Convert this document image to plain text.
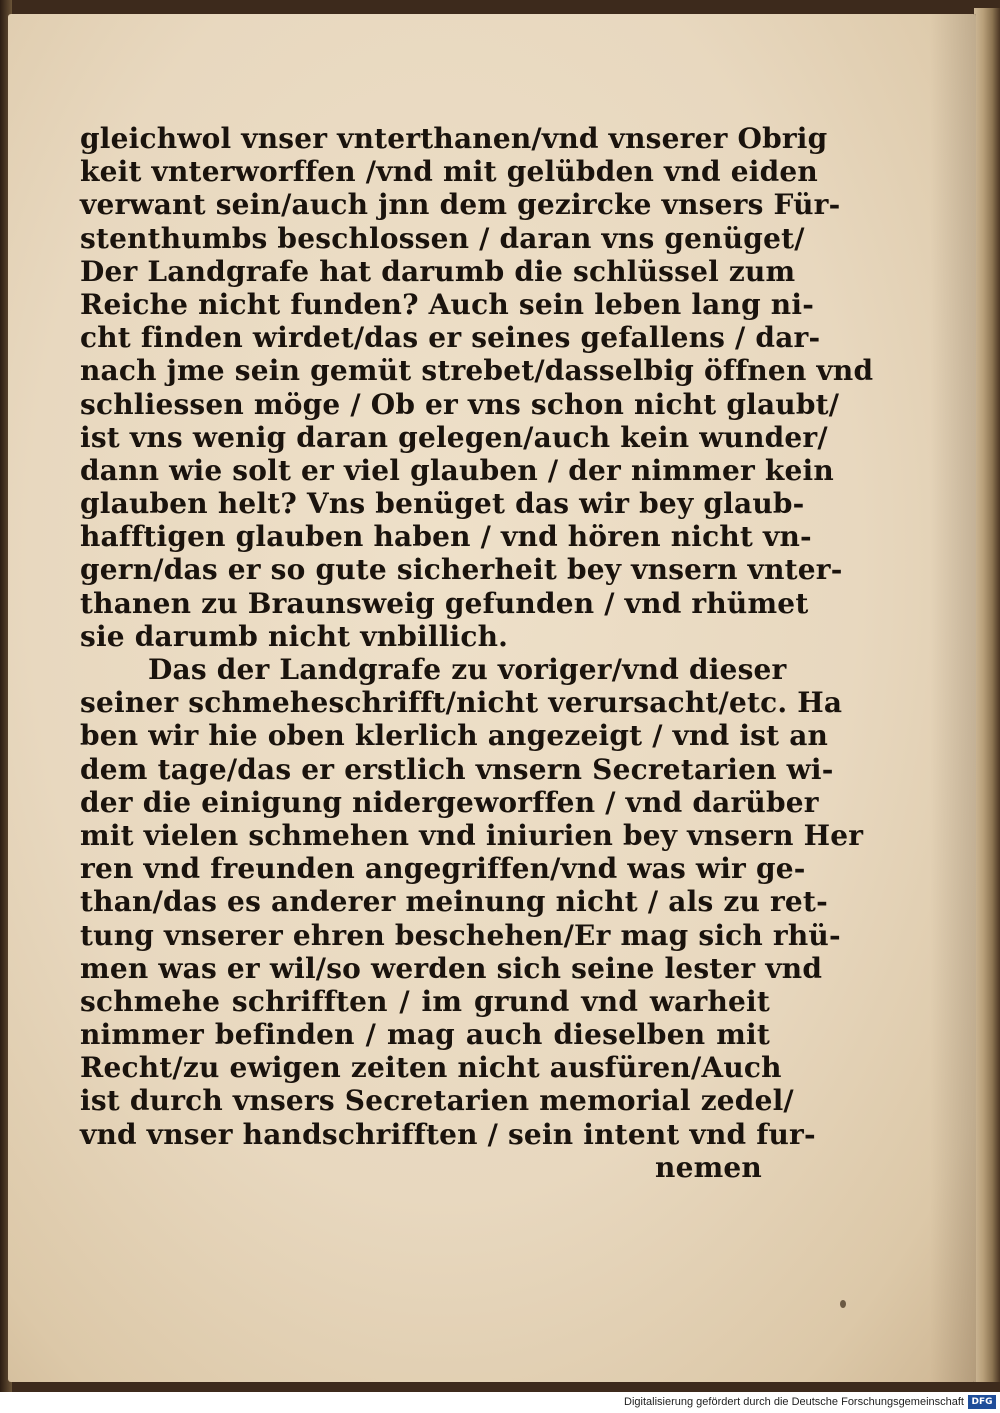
gleichwol vnser vnterthanen/vnd vnserer Obrig
keit vnterworffen /vnd mit gelübden vnd eiden
verwant sein/auch jnn dem gezircke vnsers Für-
stenthumbs beschlossen / daran vns genüget/
Der Landgrafe hat darumb die schlüssel zum
Reiche nicht funden? Auch sein leben lang ni-
cht finden wirdet/das er seines gefallens / dar-
nach jme sein gemüt strebet/dasselbig öffnen vnd
schliessen möge / Ob er vns schon nicht glaubt/
ist vns wenig daran gelegen/auch kein wunder/
dann wie solt er viel glauben / der nimmer kein
glauben helt? Vns benüget das wir bey glaub-
hafftigen glauben haben / vnd hören nicht vn-
gern/das er so gute sicherheit bey vnsern vnter-
thanen zu Braunsweig gefunden / vnd rhümet
sie darumb nicht vnbillich.
Das der Landgrafe zu voriger/vnd dieser
seiner schmeheschrifft/nicht verursacht/etc. Ha
ben wir hie oben klerlich angezeigt / vnd ist an
dem tage/das er erstlich vnsern Secretarien wi-
der die einigung nidergeworffen / vnd darüber
mit vielen schmehen vnd iniurien bey vnsern Her
ren vnd freunden angegriffen/vnd was wir ge-
than/das es anderer meinung nicht / als zu ret-
tung vnserer ehren beschehen/Er mag sich rhü-
men was er wil/so werden sich seine lester vnd
schmehe schrifften / im grund vnd warheit
nimmer befinden / mag auch dieselben mit
Recht/zu ewigen zeiten nicht ausfüren/Auch
ist durch vnsers Secretarien memorial zedel/
vnd vnser handschrifften / sein intent vnd fur-
nemen
Digitalisierung gefördert durch die Deutsche Forschungsgemeinschaft DFG
